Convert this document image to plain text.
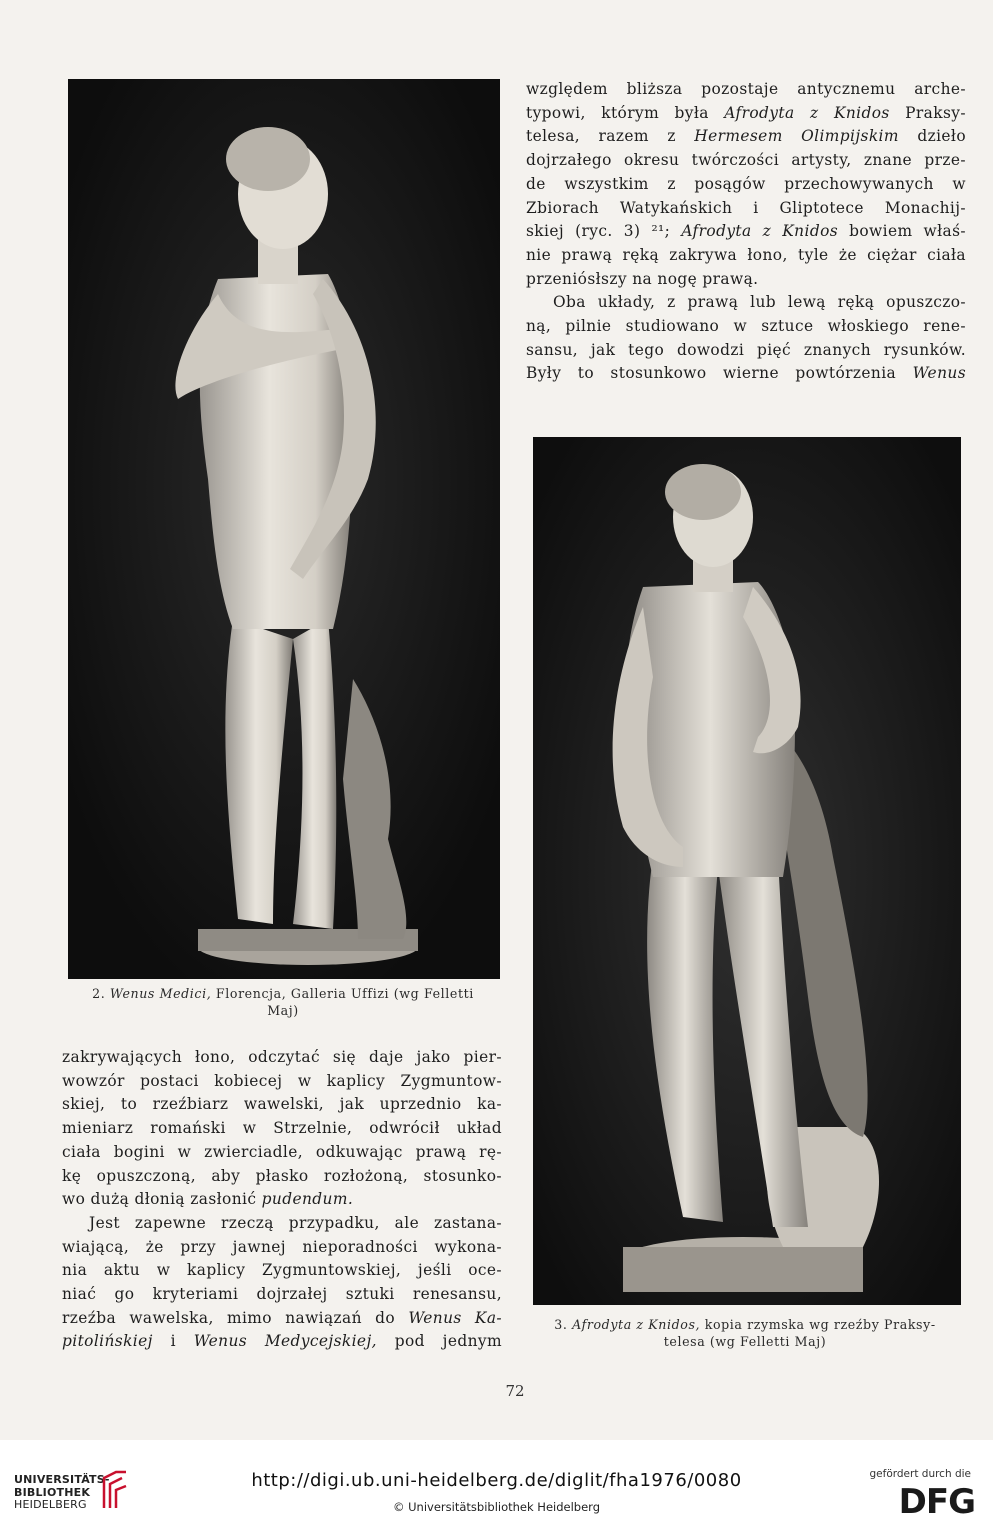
względem bliższa pozostaje antycznemu arche-
typowi, którym była Afrodyta z Knidos Praksy-
telesa, razem z Hermesem Olimpijskim dzieło
dojrzałego okresu twórczości artysty, znane prze-
de wszystkim z posągów przechowywanych w
Zbiorach Watykańskich i Gliptotece Monachij-
skiej (ryc. 3) ²¹; Afrodyta z Knidos bowiem właś-
nie prawą ręką zakrywa łono, tyle że ciężar ciała
przeniósłszy na nogę prawą.
Oba układy, z prawą lub lewą ręką opuszczo-
ną, pilnie studiowano w sztuce włoskiego rene-
sansu, jak tego dowodzi pięć znanych rysunków.
Były to stosunkowo wierne powtórzenia Wenus
2. Wenus Medici, Florencja, Galleria Uffizi (wg Felletti
Maj)
3. Afrodyta z Knidos, kopia rzymska wg rzeźby Praksy-
telesa (wg Felletti Maj)
zakrywających łono, odczytać się daje jako pier-
wowzór postaci kobiecej w kaplicy Zygmuntow-
skiej, to rzeźbiarz wawelski, jak uprzednio ka-
mieniarz romański w Strzelnie, odwrócił układ
ciała bogini w zwierciadle, odkuwając prawą rę-
kę opuszczoną, aby płasko rozłożoną, stosunko-
wo dużą dłonią zasłonić pudendum.
Jest zapewne rzeczą przypadku, ale zastana-
wiającą, że przy jawnej nieporadności wykona-
nia aktu w kaplicy Zygmuntowskiej, jeśli oce-
niać go kryteriami dojrzałej sztuki renesansu,
rzeźba wawelska, mimo nawiązań do Wenus Ka-
pitolińskiej i Wenus Medycejskiej, pod jednym
72
UNIVERSITÄTS-
BIBLIOTHEK
HEIDELBERG
http://digi.ub.uni-heidelberg.de/diglit/fha1976/0080
© Universitätsbibliothek Heidelberg
gefördert durch die
DFG
